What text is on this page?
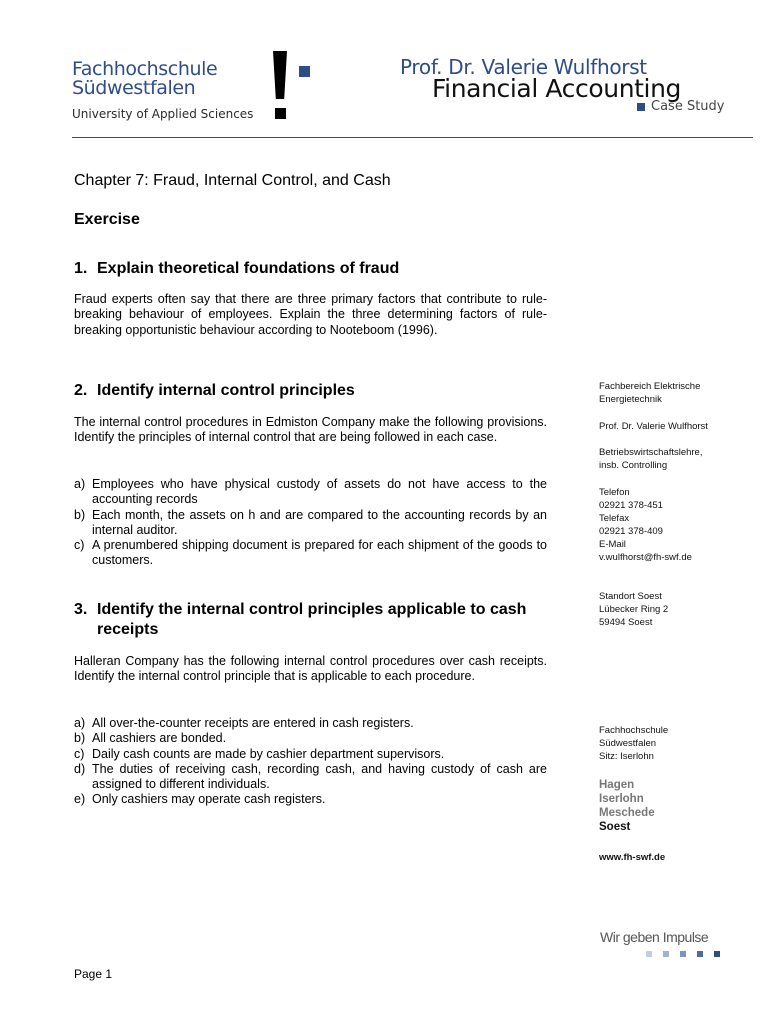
Fachhochschule
Südwestfalen
University of Applied Sciences
Prof. Dr. Valerie Wulfhorst
Financial Accounting
Case Study
Chapter 7: Fraud, Internal Control, and Cash
Exercise
1. Explain theoretical foundations of fraud

Fraud experts often say that there are three primary factors that contribute to rule-breaking behaviour of employees. Explain the three determining factors of rule-breaking opportunistic behaviour according to Nooteboom (1996).

2. Identify internal control principles

The internal control procedures in Edmiston Company make the following provisions. Identify the principles of internal control that are being followed in each case.

a) Employees who have physical custody of assets do not have access to the accounting records
b) Each month, the assets on h and are compared to the accounting records by an internal auditor.
c) A prenumbered shipping document is prepared for each shipment of the goods to customers.
3. Identify the internal control principles applicable to cash receipts

Halleran Company has the following internal control procedures over cash receipts. Identify the internal control principle that is applicable to each procedure.

a) All over-the-counter receipts are entered in cash registers.
b) All cashiers are bonded.
c) Daily cash counts are made by cashier department supervisors.
d) The duties of receiving cash, recording cash, and having custody of cash are assigned to different individuals.
e) Only cashiers may operate cash registers.
Fachbereich Elektrische
Energietechnik
Prof. Dr. Valerie Wulfhorst
Betriebswirtschaftslehre,
insb. Controlling
Telefon
02921 378-451
Telefax
02921 378-409
E-Mail
v.wulfhorst@fh-swf.de
Standort Soest
Lübecker Ring 2
59494 Soest
Fachhochschule
Südwestfalen
Sitz: Iserlohn
Hagen
Iserlohn
Meschede
Soest
www.fh-swf.de
Wir geben Impulse
Page 1
